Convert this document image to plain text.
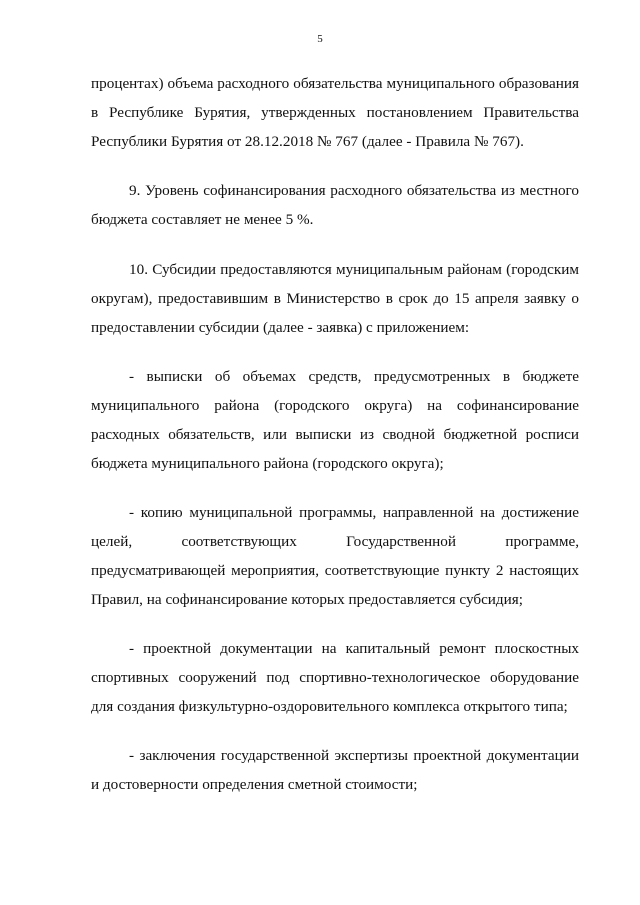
5
процентах) объема расходного обязательства муниципального образования
в Республике Бурятия, утвержденных постановлением Правительства
Республики Бурятия от 28.12.2018 № 767 (далее - Правила № 767).
9. Уровень софинансирования расходного обязательства из местного
бюджета составляет не менее 5 %.
10. Субсидии предоставляются муниципальным районам (городским
округам), предоставившим в Министерство в срок до 15 апреля заявку о
предоставлении субсидии (далее - заявка) с приложением:
- выписки об объемах средств, предусмотренных в бюджете
муниципального района (городского округа) на софинансирование
расходных обязательств, или выписки из сводной бюджетной росписи
бюджета муниципального района (городского округа);
- копию муниципальной программы, направленной на достижение
целей, соответствующих Государственной программе,
предусматривающей мероприятия, соответствующие пункту 2 настоящих
Правил, на софинансирование которых предоставляется субсидия;
- проектной документации на капитальный ремонт плоскостных
спортивных сооружений под спортивно-технологическое оборудование
для создания физкультурно-оздоровительного комплекса открытого типа;
- заключения государственной экспертизы проектной документации
и достоверности определения сметной стоимости;
